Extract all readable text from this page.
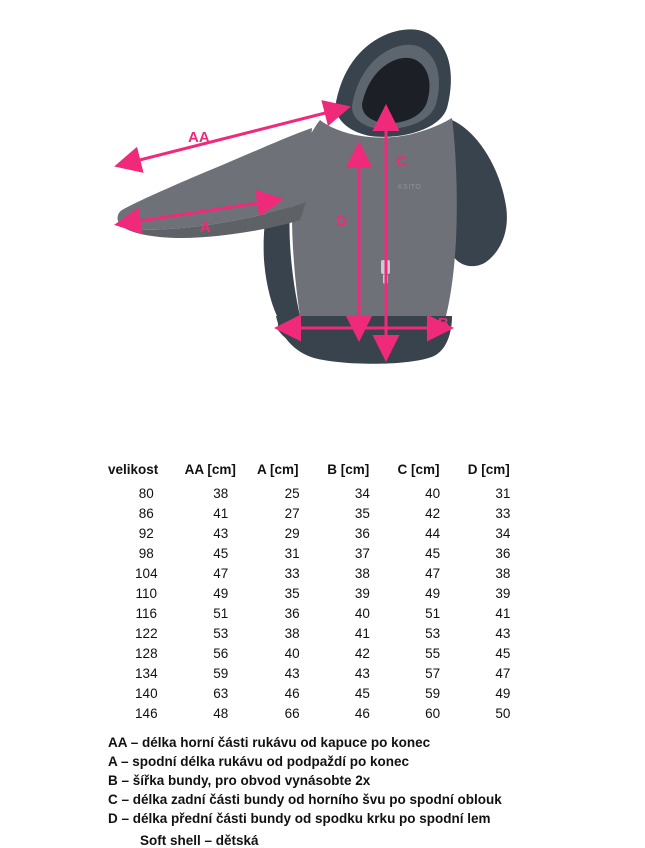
KSITO
AA
A
B
C
D
velikost	AA [cm]	A [cm]	B [cm]	C [cm]	D [cm]
80	38	25	34	40	31
86	41	27	35	42	33
92	43	29	36	44	34
98	45	31	37	45	36
104	47	33	38	47	38
110	49	35	39	49	39
116	51	36	40	51	41
122	53	38	41	53	43
128	56	40	42	55	45
134	59	43	43	57	47
140	63	46	45	59	49
146	48	66	46	60	50
AA – délka horní části rukávu od kapuce po konec
A – spodní délka rukávu od podpaždí po konec
B – šířka bundy, pro obvod vynásobte 2x
C – délka zadní části bundy od horního švu po spodní oblouk
D – délka přední části bundy od spodku krku po spodní lem
Soft shell – dětská
